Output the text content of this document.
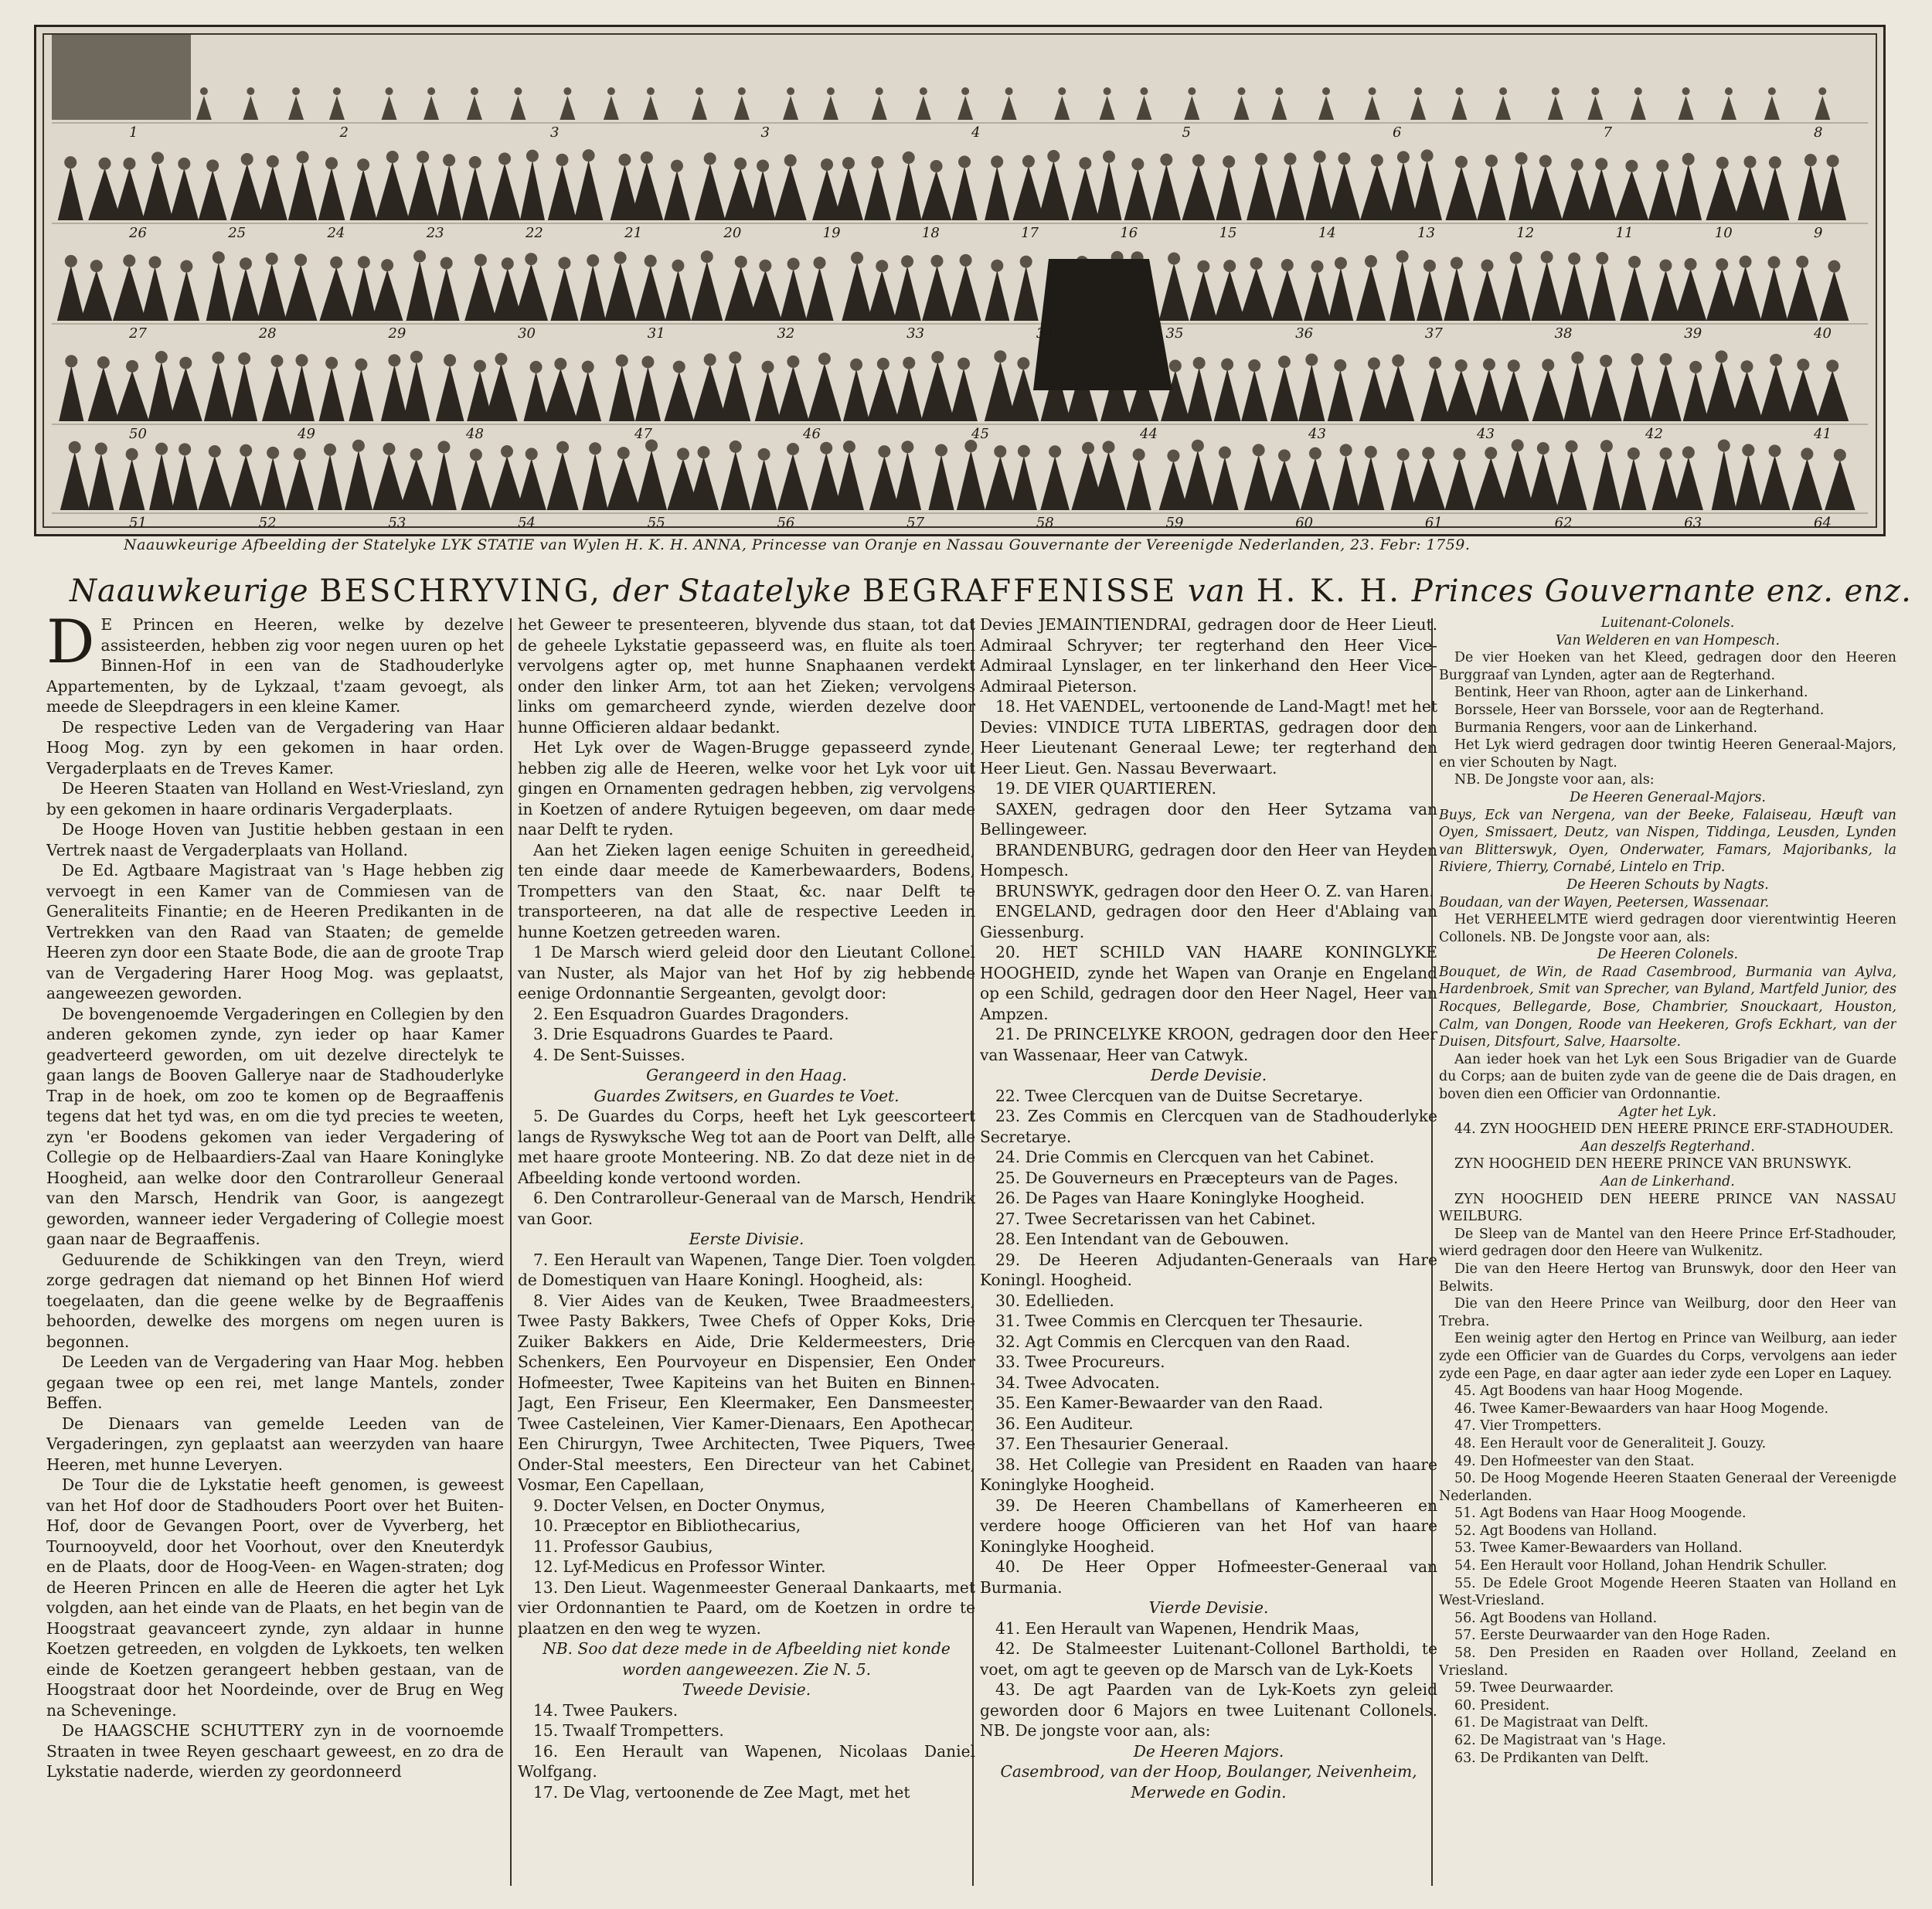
1	2	3	3	4	5	6	7	8
26	25	24	23	22	21	20	19	18	17	16	15	14	13	12	11	10	9
27	28	29	30	31	32	33	34	35	36	37	38	39	40
50	49	48	47	46	45	44	43	43	42	41
51	52	53	54	55	56	57	58	59	60	61	62	63	64
Naauwkeurige Afbeelding der Statelyke LYK STATIE van Wylen H. K. H. ANNA, Princesse van Oranje en Nassau Gouvernante der Vereenigde Nederlanden, 23. Febr: 1759.
Naauwkeurige BESCHRYVING, der Staatelyke BEGRAFFENISSE van H. K. H. Princes Gouvernante enz. enz.

D E Princen en Heeren, welke by dezelve assisteerden, hebben zig voor negen uuren op het Binnen-Hof in een van de Stadhouderlyke Appartementen, by de Lykzaal, t'zaam gevoegt, als meede de Sleepdragers in een kleine Kamer.

De respective Leden van de Vergadering van Haar Hoog Mog. zyn by een gekomen in haar orden. Vergaderplaats en de Treves Kamer.

De Heeren Staaten van Holland en West-Vriesland, zyn by een gekomen in haare ordinaris Vergaderplaats.

De Hooge Hoven van Justitie hebben gestaan in een Vertrek naast de Vergaderplaats van Holland.

De Ed. Agtbaare Magistraat van 's Hage hebben zig vervoegt in een Kamer van de Commiesen van de Generaliteits Finantie; en de Heeren Predikanten in de Vertrekken van den Raad van Staaten; de gemelde Heeren zyn door een Staate Bode, die aan de groote Trap van de Vergadering Harer Hoog Mog. was geplaatst, aangeweezen geworden.

De bovengenoemde Vergaderingen en Collegien by den anderen gekomen zynde, zyn ieder op haar Kamer geadverteerd geworden, om uit dezelve directelyk te gaan langs de Booven Gallerye naar de Stadhouderlyke Trap in de hoek, om zoo te komen op de Begraaffenis tegens dat het tyd was, en om die tyd precies te weeten, zyn 'er Boodens gekomen van ieder Vergadering of Collegie op de Helbaardiers-Zaal van Haare Koninglyke Hoogheid, aan welke door den Contrarolleur Generaal van den Marsch, Hendrik van Goor, is aangezegt geworden, wanneer ieder Vergadering of Collegie moest gaan naar de Begraaffenis.

Geduurende de Schikkingen van den Treyn, wierd zorge gedragen dat niemand op het Binnen Hof wierd toegelaaten, dan die geene welke by de Begraaffenis behoorden, dewelke des morgens om negen uuren is begonnen.

De Leeden van de Vergadering van Haar Mog. hebben gegaan twee op een rei, met lange Mantels, zonder Beffen.

De Dienaars van gemelde Leeden van de Vergaderingen, zyn geplaatst aan weerzyden van haare Heeren, met hunne Leveryen.

De Tour die de Lykstatie heeft genomen, is geweest van het Hof door de Stadhouders Poort over het Buiten-Hof, door de Gevangen Poort, over de Vyverberg, het Tournooyveld, door het Voorhout, over den Kneuterdyk en de Plaats, door de Hoog-Veen- en Wagen-straten; dog de Heeren Princen en alle de Heeren die agter het Lyk volgden, aan het einde van de Plaats, en het begin van de Hoogstraat geavanceert zynde, zyn aldaar in hunne Koetzen getreeden, en volgden de Lykkoets, ten welken einde de Koetzen gerangeert hebben gestaan, van de Hoogstraat door het Noordeinde, over de Brug en Weg na Scheveninge.

De HAAGSCHE SCHUTTERY zyn in de voornoemde Straaten in twee Reyen geschaart geweest, en zo dra de Lykstatie naderde, wierden zy geordonneerd

het Geweer te presenteeren, blyvende dus staan, tot dat de geheele Lykstatie gepasseerd was, en fluite als toen vervolgens agter op, met hunne Snaphaanen verdekt onder den linker Arm, tot aan het Zieken; vervolgens links om gemarcheerd zynde, wierden dezelve door hunne Officieren aldaar bedankt.

Het Lyk over de Wagen-Brugge gepasseerd zynde, hebben zig alle de Heeren, welke voor het Lyk voor uit gingen en Ornamenten gedragen hebben, zig vervolgens in Koetzen of andere Rytuigen begeeven, om daar mede naar Delft te ryden.

Aan het Zieken lagen eenige Schuiten in gereedheid, ten einde daar meede de Kamerbewaarders, Bodens, Trompetters van den Staat, &c. naar Delft te transporteeren, na dat alle de respective Leeden in hunne Koetzen getreeden waren.

1 De Marsch wierd geleid door den Lieutant Collonel van Nuster, als Major van het Hof by zig hebbende eenige Ordonnantie Sergeanten, gevolgt door:

2. Een Esquadron Guardes Dragonders.

3. Drie Esquadrons Guardes te Paard.

4. De Sent-Suisses.

Gerangeerd in den Haag.

Guardes Zwitsers, en Guardes te Voet.

5. De Guardes du Corps, heeft het Lyk geescorteert langs de Ryswyksche Weg tot aan de Poort van Delft, alle met haare groote Monteering. NB. Zo dat deze niet in de Afbeelding konde vertoond worden.

6. Den Contrarolleur-Generaal van de Marsch, Hendrik van Goor.

Eerste Divisie.

7. Een Herault van Wapenen, Tange Dier. Toen volgden de Domestiquen van Haare Koningl. Hoogheid, als:

8. Vier Aides van de Keuken, Twee Braadmeesters, Twee Pasty Bakkers, Twee Chefs of Opper Koks, Drie Zuiker Bakkers en Aide, Drie Keldermeesters, Drie Schenkers, Een Pourvoyeur en Dispensier, Een Onder Hofmeester, Twee Kapiteins van het Buiten en Binnen-Jagt, Een Friseur, Een Kleermaker, Een Dansmeester, Twee Casteleinen, Vier Kamer-Dienaars, Een Apothecar, Een Chirurgyn, Twee Architecten, Twee Piquers, Twee Onder-Stal meesters, Een Directeur van het Cabinet, Vosmar, Een Capellaan,

9. Docter Velsen, en Docter Onymus,

10. Præceptor en Bibliothecarius,

11. Professor Gaubius,

12. Lyf-Medicus en Professor Winter.

13. Den Lieut. Wagenmeester Generaal Dankaarts, met vier Ordonnantien te Paard, om de Koetzen in ordre te plaatzen en den weg te wyzen.

NB. Soo dat deze mede in de Afbeelding niet konde worden aangeweezen. Zie N. 5.

Tweede Devisie.

14. Twee Paukers.

15. Twaalf Trompetters.

16. Een Herault van Wapenen, Nicolaas Daniel Wolfgang.

17. De Vlag, vertoonende de Zee Magt, met het

Devies JEMAINTIENDRAI, gedragen door de Heer Lieut. Admiraal Schryver; ter regterhand den Heer Vice-Admiraal Lynslager, en ter linkerhand den Heer Vice-Admiraal Pieterson.

18. Het VAENDEL, vertoonende de Land-Magt! met het Devies: VINDICE TUTA LIBERTAS, gedragen door den Heer Lieutenant Generaal Lewe; ter regterhand den Heer Lieut. Gen. Nassau Beverwaart.

19. DE VIER QUARTIEREN.

SAXEN, gedragen door den Heer Sytzama van Bellingeweer.

BRANDENBURG, gedragen door den Heer van Heyden Hompesch.

BRUNSWYK, gedragen door den Heer O. Z. van Haren.

ENGELAND, gedragen door den Heer d'Ablaing van Giessenburg.

20. HET SCHILD VAN HAARE KONINGLYKE HOOGHEID, zynde het Wapen van Oranje en Engeland op een Schild, gedragen door den Heer Nagel, Heer van Ampzen.

21. De PRINCELYKE KROON, gedragen door den Heer van Wassenaar, Heer van Catwyk.

Derde Devisie.

22. Twee Clercquen van de Duitse Secretarye.

23. Zes Commis en Clercquen van de Stadhouderlyke Secretarye.

24. Drie Commis en Clercquen van het Cabinet.

25. De Gouverneurs en Præcepteurs van de Pages.

26. De Pages van Haare Koninglyke Hoogheid.

27. Twee Secretarissen van het Cabinet.

28. Een Intendant van de Gebouwen.

29. De Heeren Adjudanten-Generaals van Hare Koningl. Hoogheid.

30. Edellieden.

31. Twee Commis en Clercquen ter Thesaurie.

32. Agt Commis en Clercquen van den Raad.

33. Twee Procureurs.

34. Twee Advocaten.

35. Een Kamer-Bewaarder van den Raad.

36. Een Auditeur.

37. Een Thesaurier Generaal.

38. Het Collegie van President en Raaden van haare Koninglyke Hoogheid.

39. De Heeren Chambellans of Kamerheeren en verdere hooge Officieren van het Hof van haare Koninglyke Hoogheid.

40. De Heer Opper Hofmeester-Generaal van Burmania.

Vierde Devisie.

41. Een Herault van Wapenen, Hendrik Maas,

42. De Stalmeester Luitenant-Collonel Bartholdi, te voet, om agt te geeven op de Marsch van de Lyk-Koets

43. De agt Paarden van de Lyk-Koets zyn geleid geworden door 6 Majors en twee Luitenant Collonels. NB. De jongste voor aan, als:

De Heeren Majors.

Casembrood, van der Hoop, Boulanger, Neivenheim, Merwede en Godin.

Luitenant-Colonels.

Van Welderen en van Hompesch.

De vier Hoeken van het Kleed, gedragen door den Heeren Burggraaf van Lynden, agter aan de Regterhand.

Bentink, Heer van Rhoon, agter aan de Linkerhand.

Borssele, Heer van Borssele, voor aan de Regterhand.

Burmania Rengers, voor aan de Linkerhand.

Het Lyk wierd gedragen door twintig Heeren Generaal-Majors, en vier Schouten by Nagt.

NB. De Jongste voor aan, als:

De Heeren Generaal-Majors.

Buys, Eck van Nergena, van der Beeke, Falaiseau, Hæuft van Oyen, Smissaert, Deutz, van Nispen, Tiddinga, Leusden, Lynden van Blitterswyk, Oyen, Onderwater, Famars, Majoribanks, la Riviere, Thierry, Cornabé, Lintelo en Trip.

De Heeren Schouts by Nagts.

Boudaan, van der Wayen, Peetersen, Wassenaar.

Het VERHEELMTE wierd gedragen door vierentwintig Heeren Collonels. NB. De Jongste voor aan, als:

De Heeren Colonels.

Bouquet, de Win, de Raad Casembrood, Burmania van Aylva, Hardenbroek, Smit van Sprecher, van Byland, Martfeld Junior, des Rocques, Bellegarde, Bose, Chambrier, Snouckaart, Houston, Calm, van Dongen, Roode van Heekeren, Grofs Eckhart, van der Duisen, Ditsfourt, Salve, Haarsolte.

Aan ieder hoek van het Lyk een Sous Brigadier van de Guarde du Corps; aan de buiten zyde van de geene die de Dais dragen, en boven dien een Officier van Ordonnantie.

Agter het Lyk.

44. ZYN HOOGHEID DEN HEERE PRINCE ERF-STADHOUDER.

Aan deszelfs Regterhand.

ZYN HOOGHEID DEN HEERE PRINCE VAN BRUNSWYK.

Aan de Linkerhand.

ZYN HOOGHEID DEN HEERE PRINCE VAN NASSAU WEILBURG.

De Sleep van de Mantel van den Heere Prince Erf-Stadhouder, wierd gedragen door den Heere van Wulkenitz.

Die van den Heere Hertog van Brunswyk, door den Heer van Belwits.

Die van den Heere Prince van Weilburg, door den Heer van Trebra.

Een weinig agter den Hertog en Prince van Weilburg, aan ieder zyde een Officier van de Guardes du Corps, vervolgens aan ieder zyde een Page, en daar agter aan ieder zyde een Loper en Laquey.

45. Agt Boodens van haar Hoog Mogende.

46. Twee Kamer-Bewaarders van haar Hoog Mogende.

47. Vier Trompetters.

48. Een Herault voor de Generaliteit J. Gouzy.

49. Den Hofmeester van den Staat.

50. De Hoog Mogende Heeren Staaten Generaal der Vereenigde Nederlanden.

51. Agt Bodens van Haar Hoog Moogende.

52. Agt Boodens van Holland.

53. Twee Kamer-Bewaarders van Holland.

54. Een Herault voor Holland, Johan Hendrik Schuller.

55. De Edele Groot Mogende Heeren Staaten van Holland en West-Vriesland.

56. Agt Boodens van Holland.

57. Eerste Deurwaarder van den Hoge Raden.

58. Den Presiden en Raaden over Holland, Zeeland en Vriesland.

59. Twee Deurwaarder.

60. President.

61. De Magistraat van Delft.

62. De Magistraat van 's Hage.

63. De Prdikanten van Delft.
